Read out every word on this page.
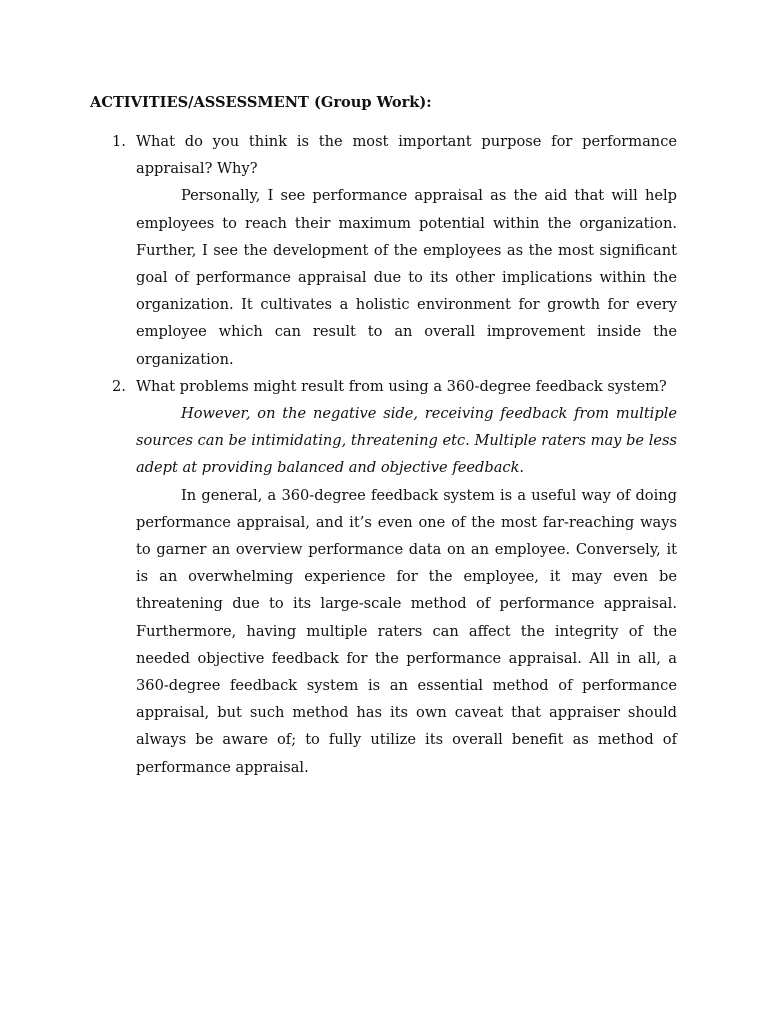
ACTIVITIES/ASSESSMENT (Group Work):
1. What do you think is the most important purpose for performance appraisal? Why?

Personally, I see performance appraisal as the aid that will help employees to reach their maximum potential within the organization. Further, I see the development of the employees as the most significant goal of performance appraisal due to its other implications within the organization. It cultivates a holistic environment for growth for every employee which can result to an overall improvement inside the organization.

2. What problems might result from using a 360-degree feedback system?

However, on the negative side, receiving feedback from multiple sources can be intimidating, threatening etc. Multiple raters may be less adept at providing balanced and objective feedback.

In general, a 360-degree feedback system is a useful way of doing performance appraisal, and it’s even one of the most far-reaching ways to garner an overview performance data on an employee. Conversely, it is an overwhelming experience for the employee, it may even be threatening due to its large-scale method of performance appraisal. Furthermore, having multiple raters can affect the integrity of the needed objective feedback for the performance appraisal. All in all, a 360-degree feedback system is an essential method of performance appraisal, but such method has its own caveat that appraiser should always be aware of; to fully utilize its overall benefit as method of performance appraisal.
